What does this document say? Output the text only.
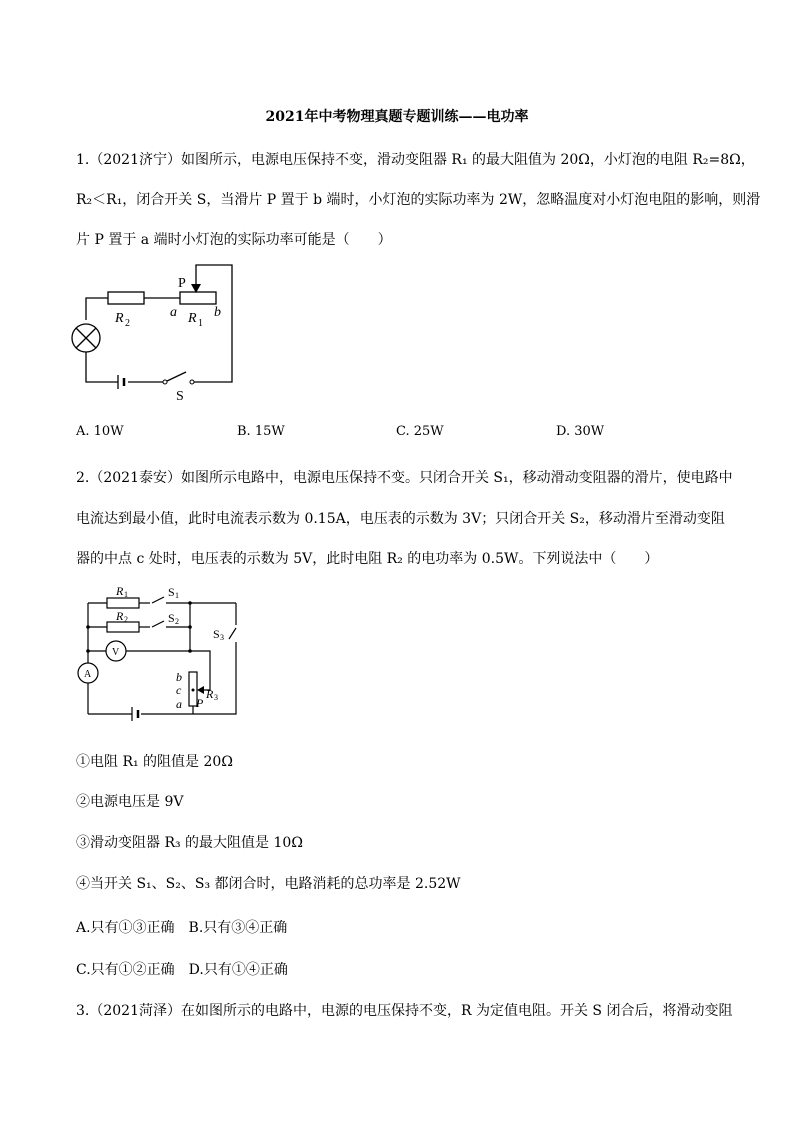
2021年中考物理真题专题训练——电功率
1.（2021济宁）如图所示，电源电压保持不变，滑动变阻器 R₁ 的最大阻值为 20Ω，小灯泡的电阻 R₂=8Ω，
R₂＜R₁，闭合开关 S，当滑片 P 置于 b 端时，小灯泡的实际功率为 2W，忽略温度对小灯泡电阻的影响，则滑
片 P 置于 a 端时小灯泡的实际功率可能是（　　）
P
R 2
a R 1
b
S
A. 10W	B. 15W	C. 25W	D. 30W
2.（2021泰安）如图所示电路中，电源电压保持不变。只闭合开关 S₁，移动滑动变阻器的滑片，使电路中
电流达到最小值，此时电流表示数为 0.15A，电压表的示数为 3V；只闭合开关 S₂，移动滑片至滑动变阻
器的中点 c 处时，电压表的示数为 5V，此时电阻 R₂ 的电功率为 0.5W。下列说法中（　　）
R 1	S 1
R 2	S 2
S 3
V
A	b
c
a
R 3
P
①电阻 R₁ 的阻值是 20Ω
②电源电压是 9V
③滑动变阻器 R₃ 的最大阻值是 10Ω
④当开关 S₁、S₂、S₃ 都闭合时，电路消耗的总功率是 2.52W
A.只有①③正确　B.只有③④正确
C.只有①②正确　D.只有①④正确
3.（2021菏泽）在如图所示的电路中，电源的电压保持不变，R 为定值电阻。开关 S 闭合后，将滑动变阻
